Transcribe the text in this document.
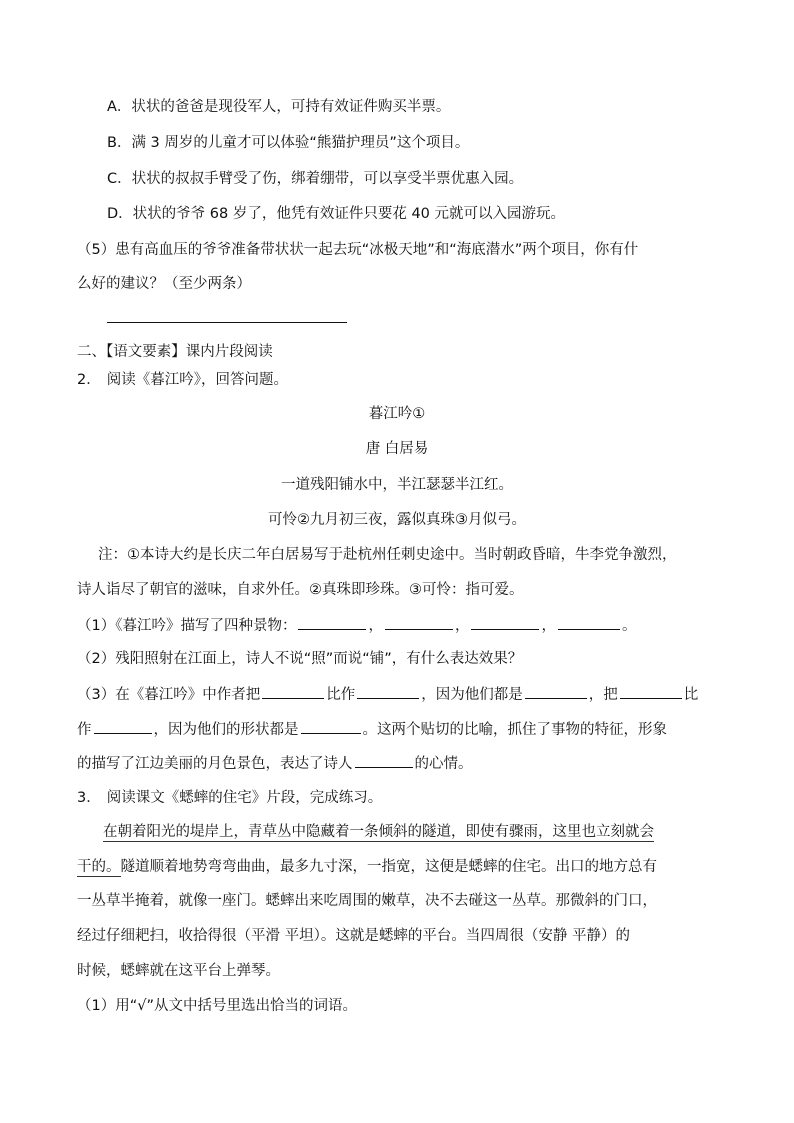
A．状状的爸爸是现役军人，可持有效证件购买半票。
B．满 3 周岁的儿童才可以体验“熊猫护理员”这个项目。
C．状状的叔叔手臂受了伤，绑着绷带，可以享受半票优惠入园。
D．状状的爷爷 68 岁了，他凭有效证件只要花 40 元就可以入园游玩。
（5）患有高血压的爷爷准备带状状一起去玩“冰极天地”和“海底潜水”两个项目，你有什
么好的建议？（至少两条）
二、【语文要素】课内片段阅读
2． 阅读《暮江吟》，回答问题。
暮江吟①
唐 白居易
一道残阳铺水中，半江瑟瑟半江红。
可怜②九月初三夜，露似真珠③月似弓。
注：①本诗大约是长庆二年白居易写于赴杭州任刺史途中。当时朝政昏暗，牛李党争激烈，
诗人诣尽了朝官的滋味，自求外任。②真珠即珍珠。③可怜：指可爱。
（1）《暮江吟》描写了四种景物：	，	，	，	。
（2）残阳照射在江面上，诗人不说“照”而说“铺”，有什么表达效果？
（3）在《暮江吟》中作者把	比作	，因为他们都是	，把	比
作	，因为他们的形状都是	。这两个贴切的比喻，抓住了事物的特征，形象
的描写了江边美丽的月色景色，表达了诗人	的心情。
3． 阅读课文《蟋蟀的住宅》片段，完成练习。
在朝着阳光的堤岸上，青草丛中隐藏着一条倾斜的隧道，即使有骤雨，这里也立刻就会
干的。隧道顺着地势弯弯曲曲，最多九寸深，一指宽，这便是蟋蟀的住宅。出口的地方总有
一丛草半掩着，就像一座门。蟋蟀出来吃周围的嫩草，决不去碰这一丛草。那微斜的门口，
经过仔细耙扫，收拾得很（平滑 平坦）。这就是蟋蟀的平台。当四周很（安静 平静）的
时候，蟋蟀就在这平台上弹琴。
（1）用“√”从文中括号里选出恰当的词语。
